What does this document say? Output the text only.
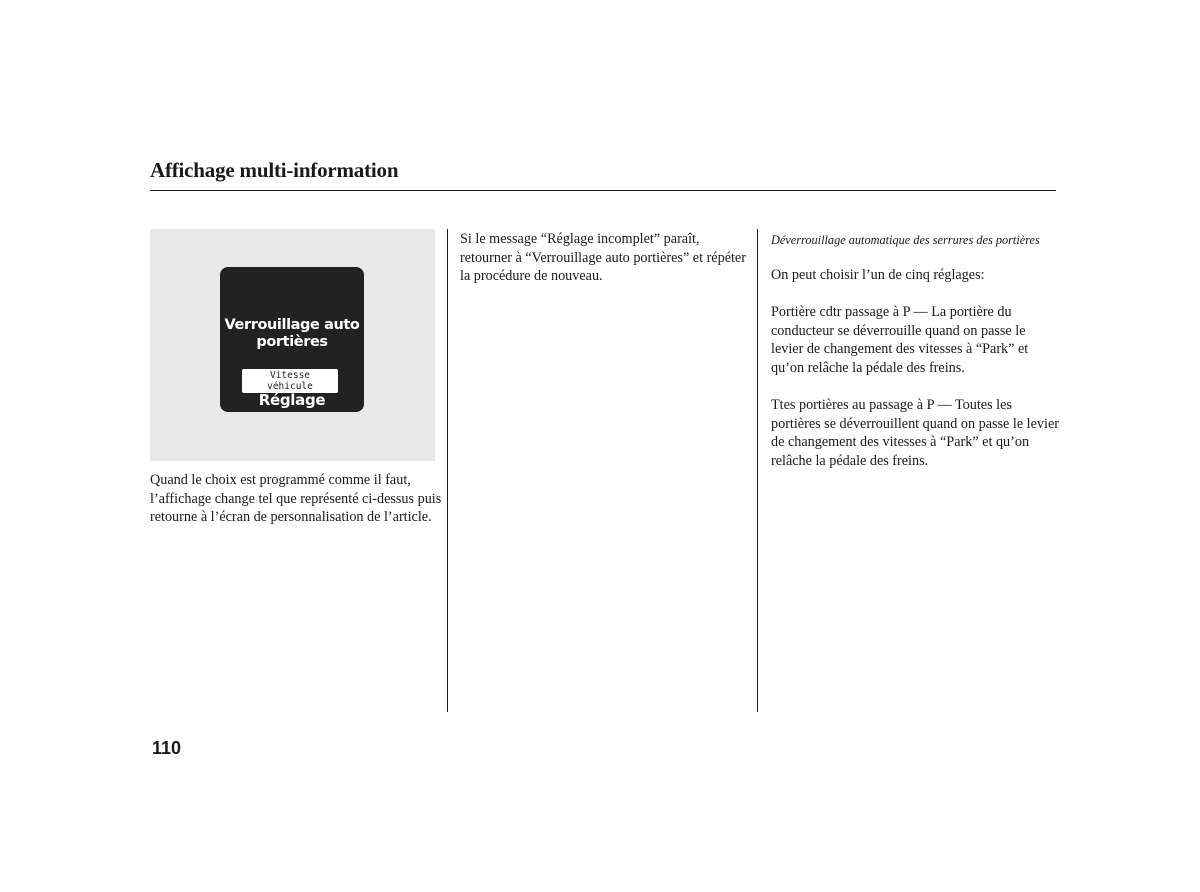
Affichage multi-information
Verrouillage auto
portières
Vitesse
véhicule
Réglage
Quand le choix est programmé comme il faut, l’affichage change tel que représenté ci-dessus puis retourne à l’écran de personnalisation de l’article.
Si le message “Réglage incomplet” paraît, retourner à “Verrouillage auto portières” et répéter la procédure de nouveau.
Déverrouillage automatique des serrures des portières

On peut choisir l’un de cinq réglages:

Portière cdtr passage à P — La portière du conducteur se déverrouille quand on passe le levier de changement des vitesses à “Park” et qu’on relâche la pédale des freins.

Ttes portières au passage à P — Toutes les portières se déverrouillent quand on passe le levier de changement des vitesses à “Park” et qu’on relâche la pédale des freins.

110
